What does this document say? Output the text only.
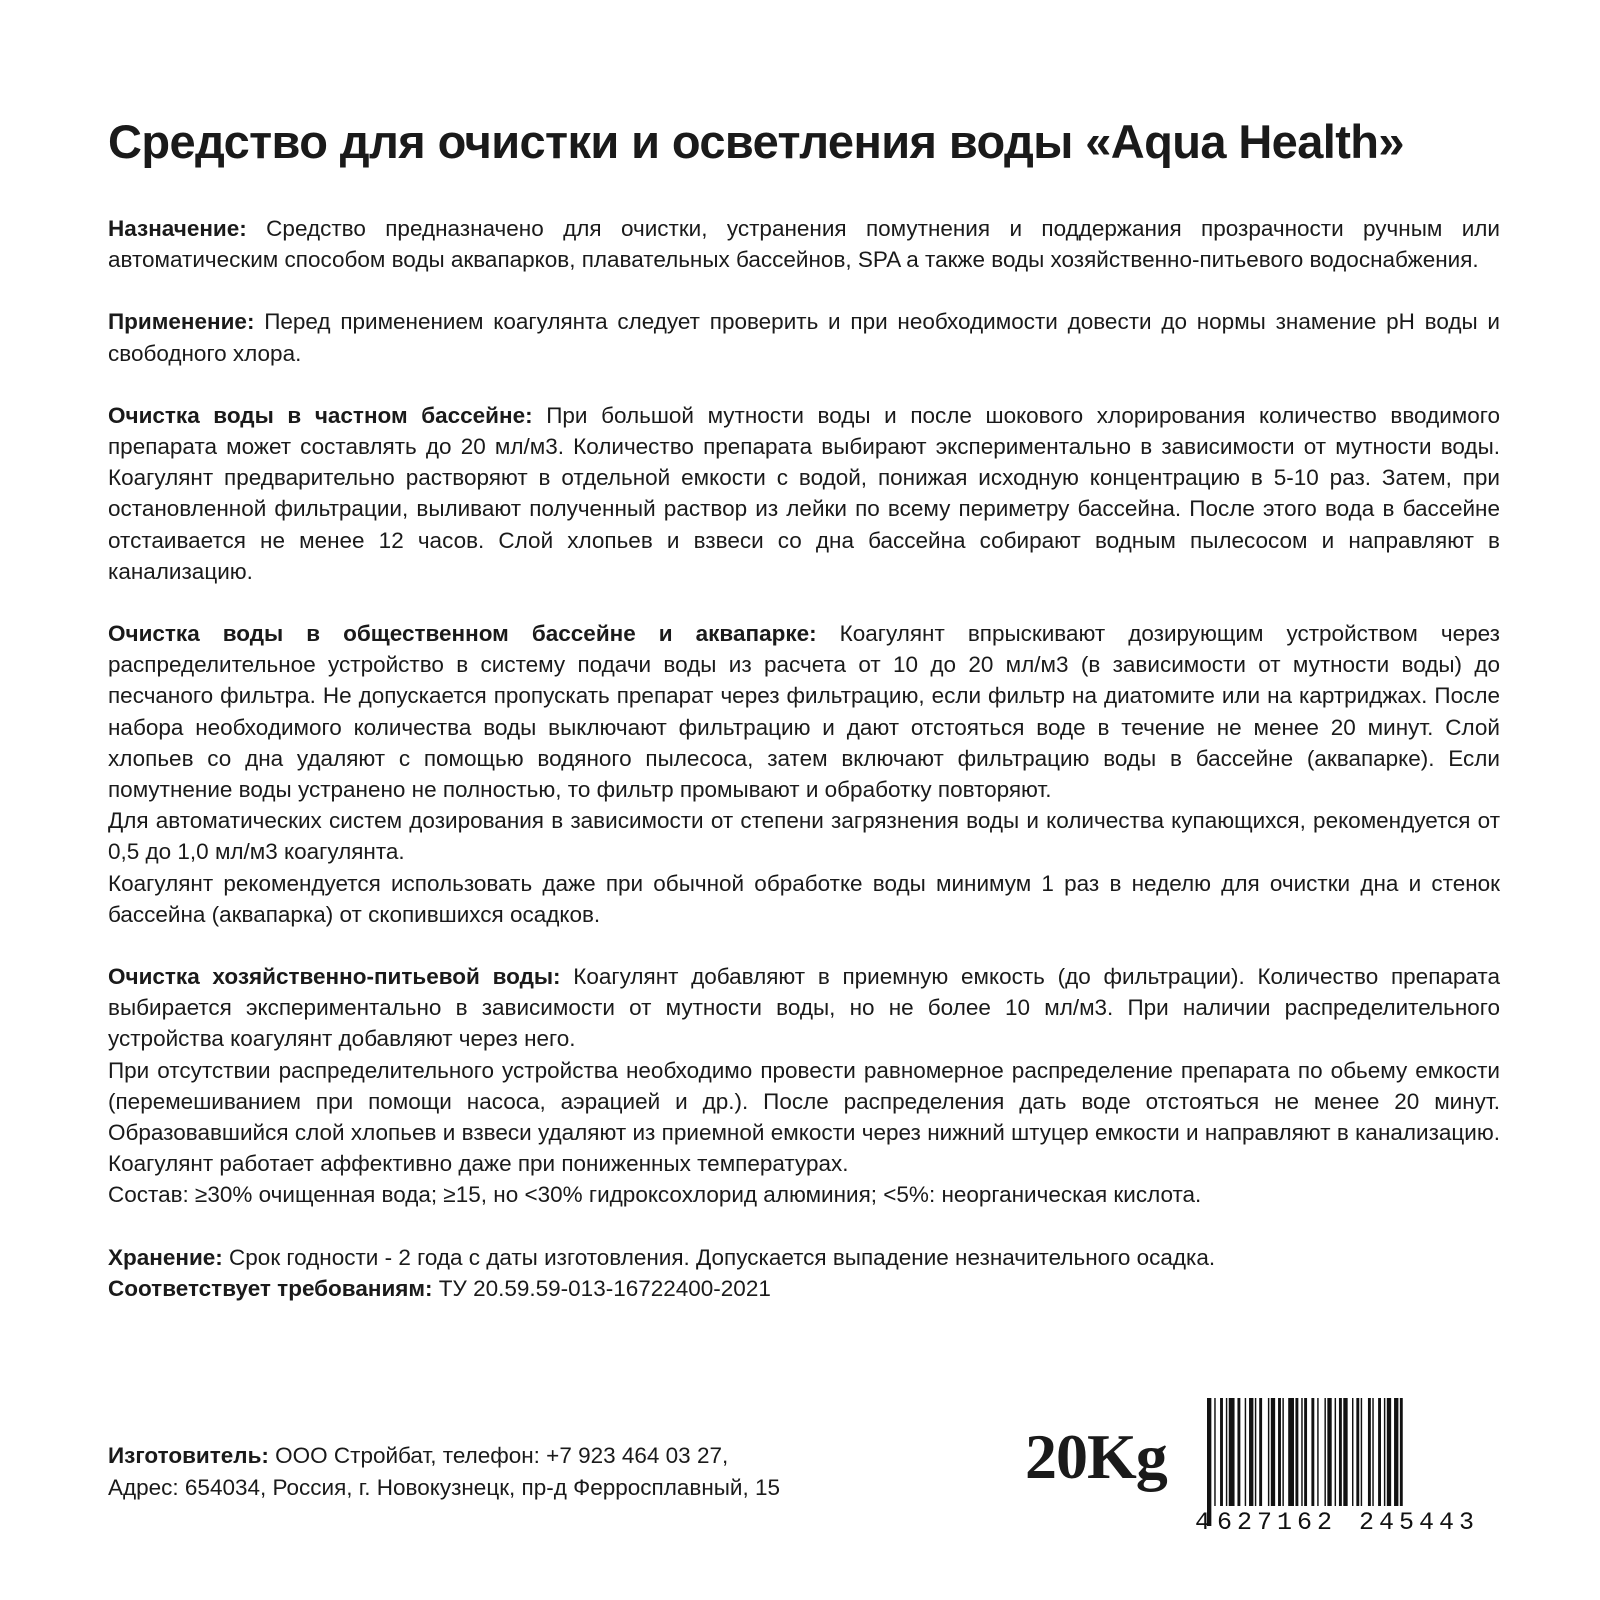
Средство для очистки и осветления воды «Aqua Health»

Назначение: Средство предназначено для очистки, устранения помутнения и поддержания прозрачности ручным или автоматическим способом воды аквапарков, плавательных бассейнов, SPA а также воды хозяйственно-питьевого водоснабжения.

Применение: Перед применением коагулянта следует проверить и при необходимости довести до нормы знамение pH воды и свободного хлора.

Очистка воды в частном бассейне: При большой мутности воды и после шокового хлорирования количество вводимого препарата может составлять до 20 мл/м3. Количество препарата выбирают экспериментально в зависимости от мутности воды. Коагулянт предварительно растворяют в отдельной емкости с водой, понижая исходную концентрацию в 5-10 раз. Затем, при остановленной фильтрации, выливают полученный раствор из лейки по всему периметру бассейна. После этого вода в бассейне отстаивается не менее 12 часов. Слой хлопьев и взвеси со дна бассейна собирают водным пылесосом и направляют в канализацию.

Очистка воды в общественном бассейне и аквапарке: Коагулянт впрыскивают дозирующим устройством через распределительное устройство в систему подачи воды из расчета от 10 до 20 мл/м3 (в зависимости от мутности воды) до песчаного фильтра. Не допускается пропускать препарат через фильтрацию, если фильтр на диатомите или на картриджах. После набора необходимого количества воды выключают фильтрацию и дают отстояться воде в течение не менее 20 минут. Слой хлопьев со дна удаляют с помощью водяного пылесоса, затем включают фильтрацию воды в бассейне (аквапарке). Если помутнение воды устранено не полностью, то фильтр промывают и обработку повторяют.

Для автоматических систем дозирования в зависимости от степени загрязнения воды и количества купающихся, рекомендуется от 0,5 до 1,0 мл/м3 коагулянта.

Коагулянт рекомендуется использовать даже при обычной обработке воды минимум 1 раз в неделю для очистки дна и стенок бассейна (аквапарка) от скопившихся осадков.

Очистка хозяйственно-питьевой воды: Коагулянт добавляют в приемную емкость (до фильтрации). Количество препарата выбирается экспериментально в зависимости от мутности воды, но не более 10 мл/м3. При наличии распределительного устройства коагулянт добавляют через него.

При отсутствии распределительного устройства необходимо провести равномерное распределение препарата по обьему емкости (перемешиванием при помощи насоса, аэрацией и др.). После распределения дать воде отстояться не менее 20 минут. Образовавшийся слой хлопьев и взвеси удаляют из приемной емкости через нижний штуцер емкости и направляют в канализацию. Коагулянт работает аффективно даже при пониженных температурах.

Состав: ≥30% очищенная вода; ≥15, но <30% гидроксохлорид алюминия; <5%: неорганическая кислота.

Хранение: Срок годности - 2 года с даты изготовления. Допускается выпадение незначительного осадка.

Соответствует требованиям: ТУ 20.59.59-013-16722400-2021

Изготовитель: ООО Стройбат, телефон: +7 923 464 03 27,

Адрес: 654034, Россия, г. Новокузнецк, пр-д Ферросплавный, 15	20Kg
4 627162 245443
